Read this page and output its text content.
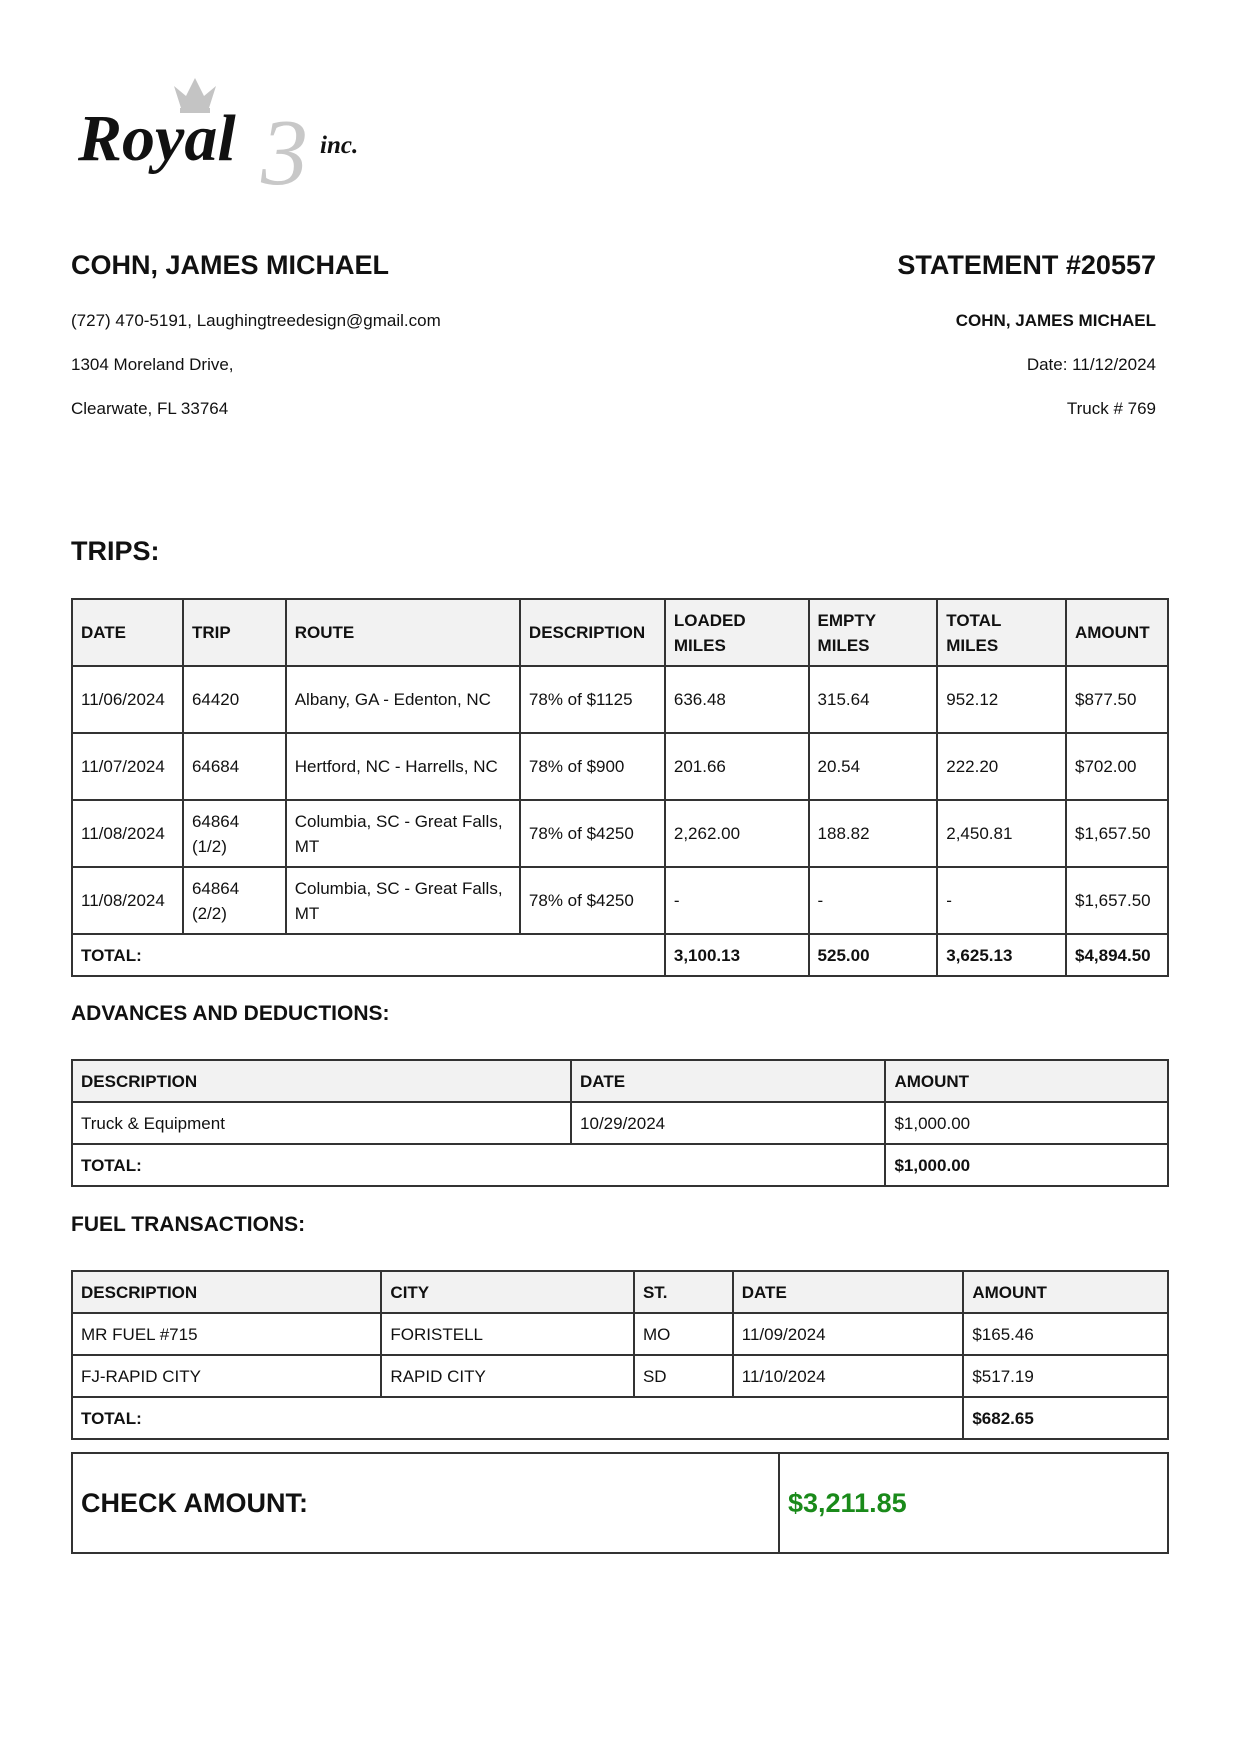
3
Royal	inc.
COHN, JAMES MICHAEL
(727) 470-5191, Laughingtreedesign@gmail.com
1304 Moreland Drive,
Clearwate, FL 33764
STATEMENT #20557
COHN, JAMES MICHAEL
Date: 11/12/2024
Truck # 769
TRIPS:
DATE	TRIP	ROUTE	DESCRIPTION	LOADED MILES	EMPTY MILES	TOTAL MILES	AMOUNT
11/06/2024	64420	Albany, GA - Edenton, NC	78% of $1125	636.48	315.64	952.12	$877.50
11/07/2024	64684	Hertford, NC - Harrells, NC	78% of $900	201.66	20.54	222.20	$702.00
11/08/2024	64864 (1/2)	Columbia, SC - Great Falls, MT	78% of $4250	2,262.00	188.82	2,450.81	$1,657.50
11/08/2024	64864 (2/2)	Columbia, SC - Great Falls, MT	78% of $4250	-	-	-	$1,657.50
TOTAL:				3,100.13	525.00	3,625.13	$4,894.50
ADVANCES AND DEDUCTIONS:
DESCRIPTION	DATE	AMOUNT
Truck & Equipment	10/29/2024	$1,000.00
TOTAL:		$1,000.00
FUEL TRANSACTIONS:
DESCRIPTION	CITY	ST.	DATE	AMOUNT
MR FUEL #715	FORISTELL	MO	11/09/2024	$165.46
FJ-RAPID CITY	RAPID CITY	SD	11/10/2024	$517.19
TOTAL:				$682.65
CHECK AMOUNT:	$3,211.85
